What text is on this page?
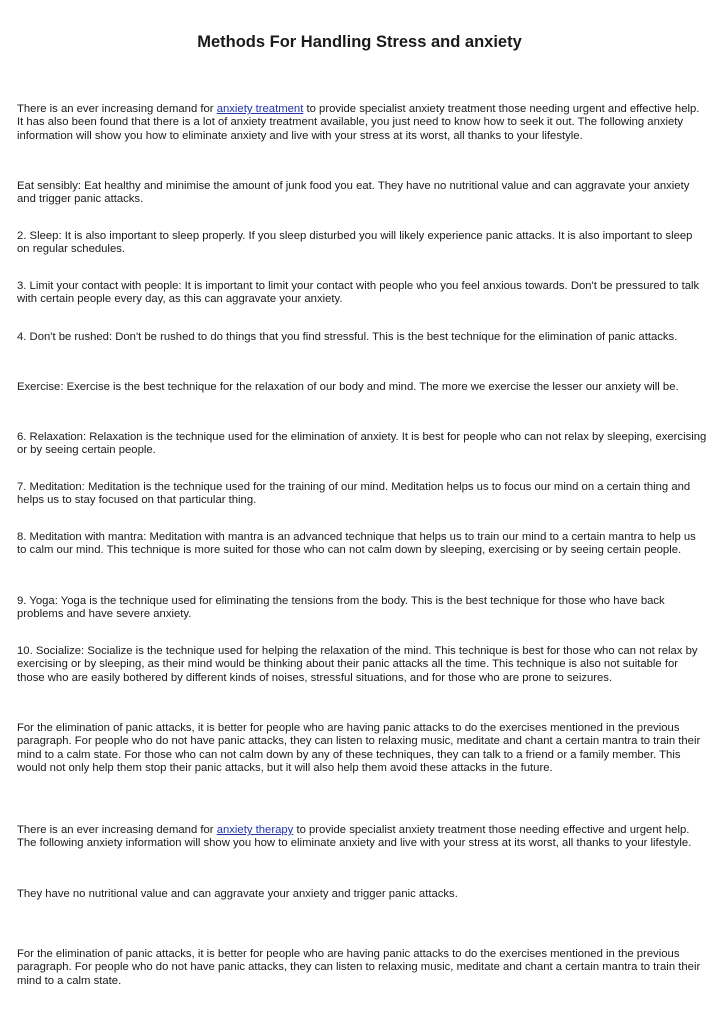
Methods For Handling Stress and anxiety

There is an ever increasing demand for anxiety treatment to provide specialist anxiety treatment those needing urgent and effective help. It has also been found that there is a lot of anxiety treatment available, you just need to know how to seek it out. The following anxiety information will show you how to eliminate anxiety and live with your stress at its worst, all thanks to your lifestyle.

Eat sensibly: Eat healthy and minimise the amount of junk food you eat. They have no nutritional value and can aggravate your anxiety and trigger panic attacks.

2. Sleep: It is also important to sleep properly. If you sleep disturbed you will likely experience panic attacks. It is also important to sleep on regular schedules.

3. Limit your contact with people: It is important to limit your contact with people who you feel anxious towards. Don't be pressured to talk with certain people every day, as this can aggravate your anxiety.

4. Don't be rushed: Don't be rushed to do things that you find stressful. This is the best technique for the elimination of panic attacks.

Exercise: Exercise is the best technique for the relaxation of our body and mind. The more we exercise the lesser our anxiety will be.

6. Relaxation: Relaxation is the technique used for the elimination of anxiety. It is best for people who can not relax by sleeping, exercising or by seeing certain people.

7. Meditation: Meditation is the technique used for the training of our mind. Meditation helps us to focus our mind on a certain thing and helps us to stay focused on that particular thing.

8. Meditation with mantra: Meditation with mantra is an advanced technique that helps us to train our mind to a certain mantra to help us to calm our mind. This technique is more suited for those who can not calm down by sleeping, exercising or by seeing certain people.

9. Yoga: Yoga is the technique used for eliminating the tensions from the body. This is the best technique for those who have back problems and have severe anxiety.

10. Socialize: Socialize is the technique used for helping the relaxation of the mind. This technique is best for those who can not relax by exercising or by sleeping, as their mind would be thinking about their panic attacks all the time. This technique is also not suitable for those who are easily bothered by different kinds of noises, stressful situations, and for those who are prone to seizures.

For the elimination of panic attacks, it is better for people who are having panic attacks to do the exercises mentioned in the previous paragraph. For people who do not have panic attacks, they can listen to relaxing music, meditate and chant a certain mantra to train their mind to a calm state. For those who can not calm down by any of these techniques, they can talk to a friend or a family member. This would not only help them stop their panic attacks, but it will also help them avoid these attacks in the future.

There is an ever increasing demand for anxiety therapy to provide specialist anxiety treatment those needing effective and urgent help. The following anxiety information will show you how to eliminate anxiety and live with your stress at its worst, all thanks to your lifestyle.

They have no nutritional value and can aggravate your anxiety and trigger panic attacks.

For the elimination of panic attacks, it is better for people who are having panic attacks to do the exercises mentioned in the previous paragraph. For people who do not have panic attacks, they can listen to relaxing music, meditate and chant a certain mantra to train their mind to a calm state.
